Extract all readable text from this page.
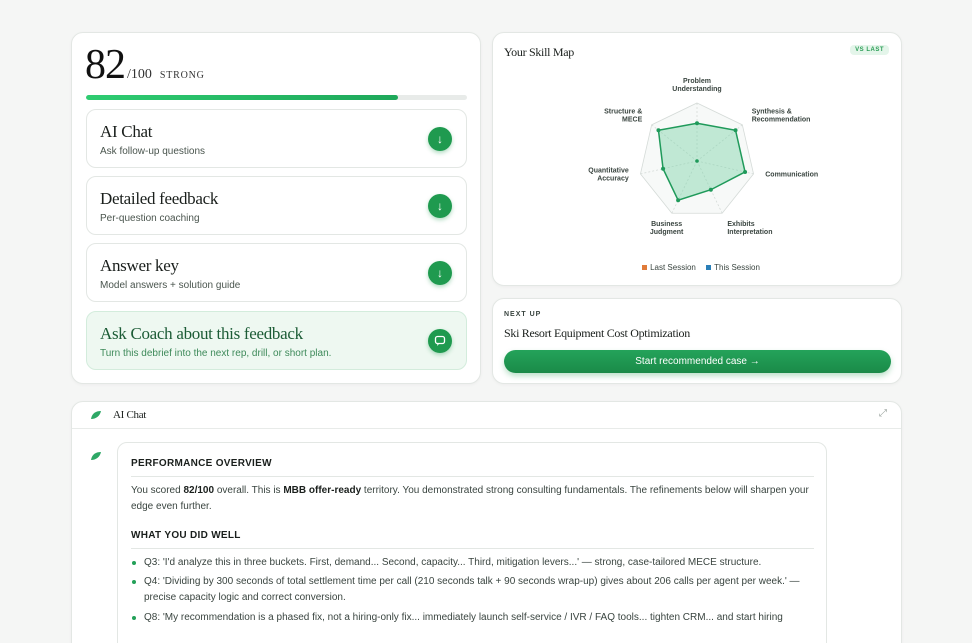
82 /100 STRONG
AI Chat
Ask follow-up questions
↓
Detailed feedback
Per-question coaching
↓
Answer key
Model answers + solution guide
↓
Ask Coach about this feedback
Turn this debrief into the next rep, drill, or short plan.
Your Skill Map	VS LAST
Problem
Understanding
Synthesis &
Recommendation
Communication
Exhibits
Interpretation
Business
Judgment
Quantitative
Accuracy
Structure &
MECE
Last Session This Session
NEXT UP
Ski Resort Equipment Cost Optimization
Start recommended case →
AI Chat	⤢
PERFORMANCE OVERVIEW
You scored 82/100 overall. This is MBB offer-ready territory. You demonstrated strong consulting fundamentals. The refinements below will sharpen your edge even further.
WHAT YOU DID WELL
Q3: 'I'd analyze this in three buckets. First, demand... Second, capacity... Third, mitigation levers...' — strong, case-tailored MECE structure.
Q4: 'Dividing by 300 seconds of total settlement time per call (210 seconds talk + 90 seconds wrap-up) gives about 206 calls per agent per week.' — precise capacity logic and correct conversion.
Q8: 'My recommendation is a phased fix, not a hiring-only fix... immediately launch self-service / IVR / FAQ tools... tighten CRM... and start hiring
